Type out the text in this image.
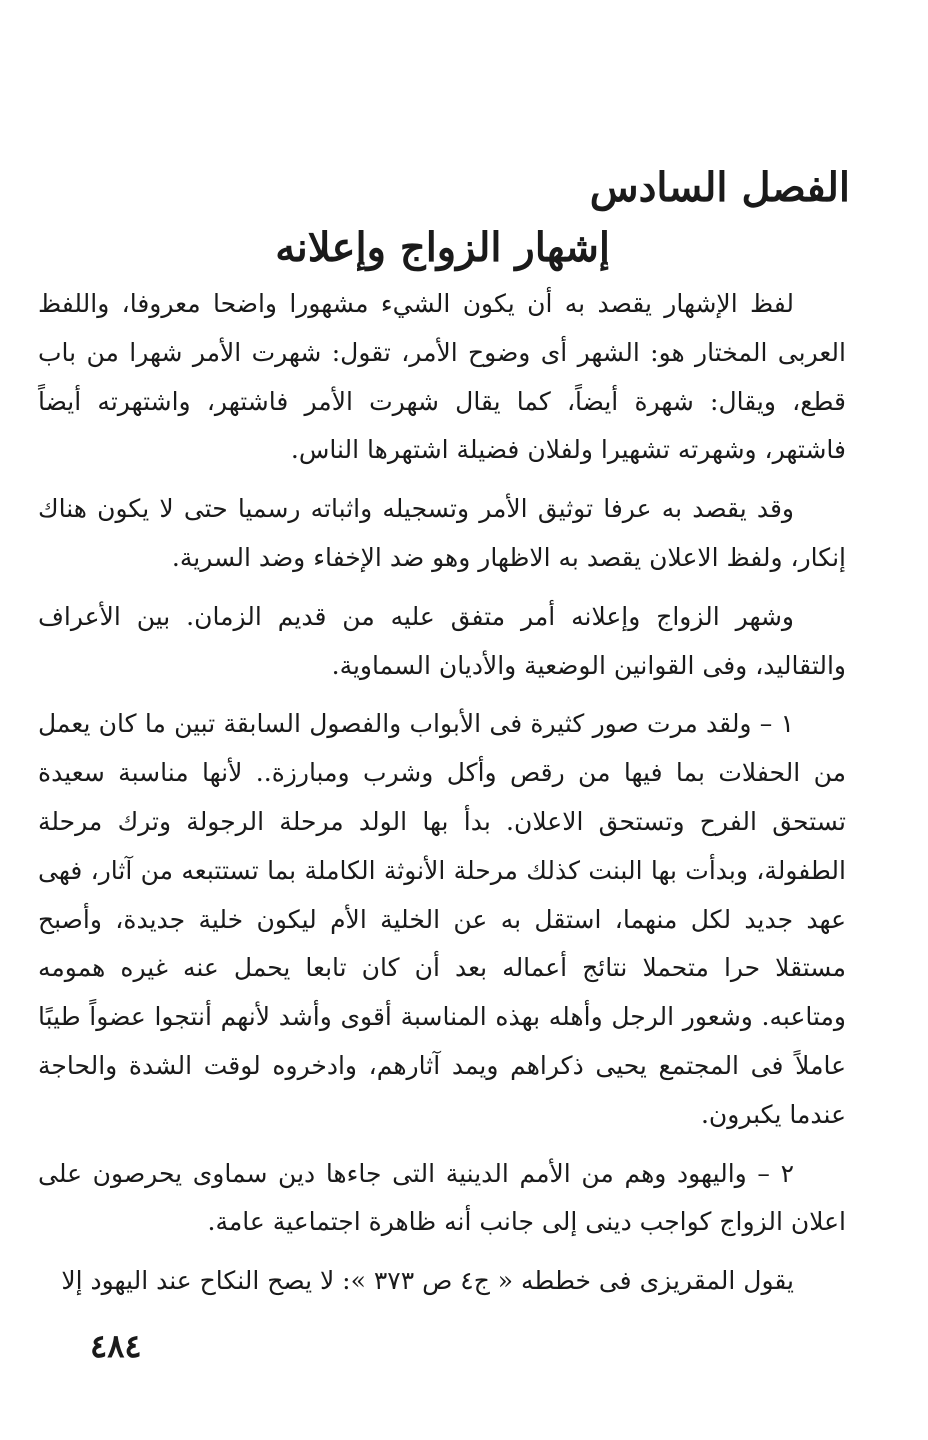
الفصل السادس
إشهار الزواج وإعلانه

لفظ الإشهار يقصد به أن يكون الشيء مشهورا واضحا معروفا، واللفظ العربى المختار هو: الشهر أى وضوح الأمر، تقول: شهرت الأمر شهرا من باب قطع، ويقال: شهرة أيضاً، كما يقال شهرت الأمر فاشتهر، واشتهرته أيضاً فاشتهر، وشهرته تشهيرا ولفلان فضيلة اشتهرها الناس.

وقد يقصد به عرفا توثيق الأمر وتسجيله واثباته رسميا حتى لا يكون هناك إنكار، ولفظ الاعلان يقصد به الاظهار وهو ضد الإخفاء وضد السرية.

وشهر الزواج وإعلانه أمر متفق عليه من قديم الزمان. بين الأعراف والتقاليد، وفى القوانين الوضعية والأديان السماوية.

١ – ولقد مرت صور كثيرة فى الأبواب والفصول السابقة تبين ما كان يعمل من الحفلات بما فيها من رقص وأكل وشرب ومبارزة.. لأنها مناسبة سعيدة تستحق الفرح وتستحق الاعلان. بدأ بها الولد مرحلة الرجولة وترك مرحلة الطفولة، وبدأت بها البنت كذلك مرحلة الأنوثة الكاملة بما تستتبعه من آثار، فهى عهد جديد لكل منهما، استقل به عن الخلية الأم ليكون خلية جديدة، وأصبح مستقلا حرا متحملا نتائج أعماله بعد أن كان تابعا يحمل عنه غيره همومه ومتاعبه. وشعور الرجل وأهله بهذه المناسبة أقوى وأشد لأنهم أنتجوا عضواً طيبًا عاملاً فى المجتمع يحيى ذكراهم ويمد آثارهم، وادخروه لوقت الشدة والحاجة عندما يكبرون.

٢ – واليهود وهم من الأمم الدينية التى جاءها دين سماوى يحرصون على اعلان الزواج كواجب دينى إلى جانب أنه ظاهرة اجتماعية عامة.

يقول المقريزى فى خططه « ج٤ ص ٣٧٣ »: لا يصح النكاح عند اليهود إلا

٤٨٤
